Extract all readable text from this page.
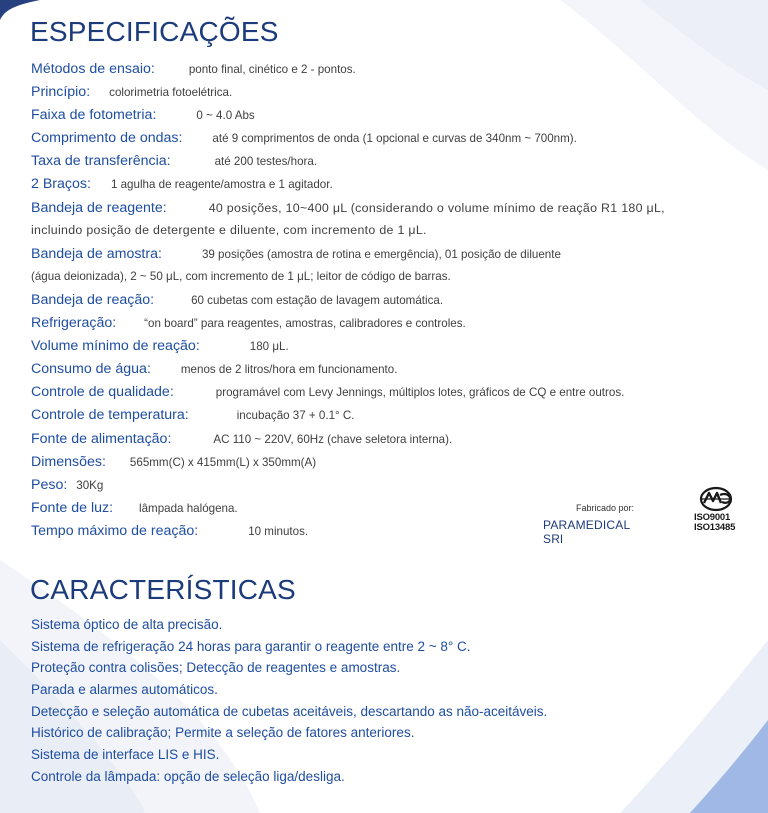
ESPECIFICAÇÕES
Métodos de ensaio:	ponto final, cinético e 2 - pontos.
Princípio: colorimetria fotoelétrica.
Faixa de fotometria:	0 ~ 4.0 Abs
Comprimento de ondas:	até 9 comprimentos de onda (1 opcional e curvas de 340nm ~ 700nm).
Taxa de transferência:	até 200 testes/hora.
2 Braços: 1 agulha de reagente/amostra e 1 agitador.
Bandeja de reagente:	40 posições, 10~400 μL (considerando o volume mínimo de reação R1 180 μL,
incluindo posição de detergente e diluente, com incremento de 1 μL.
Bandeja de amostra:	39 posições (amostra de rotina e emergência), 01 posição de diluente
(água deionizada), 2 ~ 50 μL, com incremento de 1 μL; leitor de código de barras.
Bandeja de reação:	60 cubetas com estação de lavagem automática.
Refrigeração: “on board” para reagentes, amostras, calibradores e controles.
Volume mínimo de reação:	180 μL.
Consumo de água:	menos de 2 litros/hora em funcionamento.
Controle de qualidade:	programável com Levy Jennings, múltiplos lotes, gráficos de CQ e entre outros.
Controle de temperatura:	incubação 37 + 0.1° C.
Fonte de alimentação:	AC 110 ~ 220V, 60Hz (chave seletora interna).
Dimensões: 565mm(C) x 415mm(L) x 350mm(A)
Peso: 30Kg
Fonte de luz: lâmpada halógena.
Tempo máximo de reação:	10 minutos.
Fabricado por:
PARAMEDICAL SRl
ISO9001
ISO13485
CARACTERÍSTICAS
Sistema óptico de alta precisão.
Sistema de refrigeração 24 horas para garantir o reagente entre 2 ~ 8° C.
Proteção contra colisões; Detecção de reagentes e amostras.
Parada e alarmes automáticos.
Detecção e seleção automática de cubetas aceitáveis, descartando as não-aceitáveis.
Histórico de calibração; Permite a seleção de fatores anteriores.
Sistema de interface LIS e HIS.
Controle da lâmpada: opção de seleção liga/desliga.
